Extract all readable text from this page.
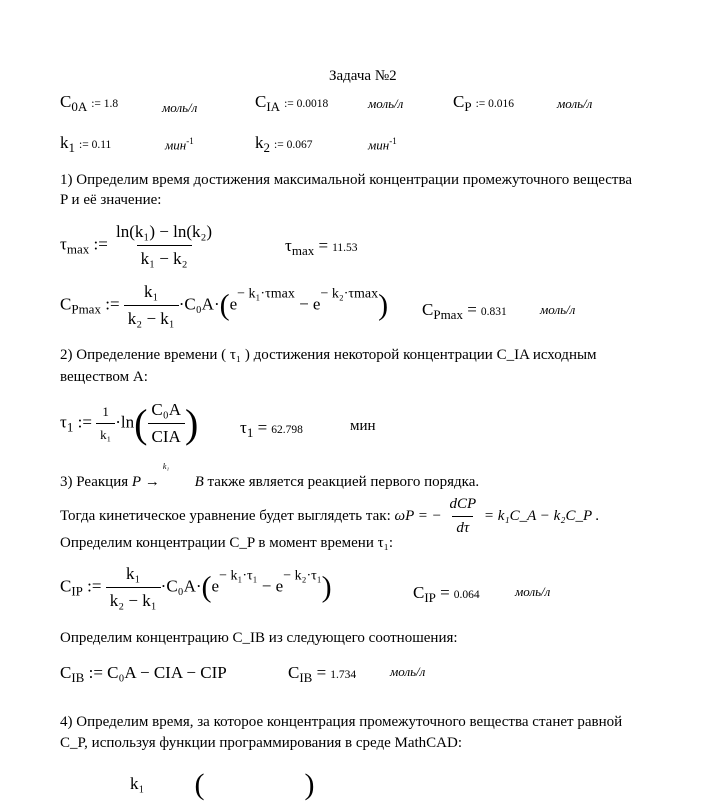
Задача №2
$C_{0A}$ := 1.8	моль/л	$C_{IA}$ := 0.0018	моль/л	$C_P$ := 0.016	моль/л
$k_1$ := 0.11	мин$^{-1}$	$k_2$ := 0.067	мин$^{-1}$
1) Определим время достижения максимальной концентрации промежуточного вещества
P и её значение:
$\tau_{max}$ := $\frac{\text{ln(k₁) − ln(k₂)}}{\text{k₁ − k₂}}$	$\tau_{max} = 11.53$
$C_{Pmax}$ := $\frac{\text{k₁}}{\text{k₂ − k₁}} \cdot C_0A\cdot(e^{- k_1\cdot\tau max} - e^{- k_2\cdot\tau max}) C_{Pmax} = 0.831$	моль/л
2) Определение времени ( τ₁ ) достижения некоторой концентрации C_IA исходным
веществом А:
$\tau_1$ := $\frac{1}{\text{k₁}} \cdot\ln( \frac{\text{C₀A}}{\text{CIA}}$ ) $\tau_1 = 62.798$	мин
3) Реакция P
k₁
→ B также является реакцией первого порядка.
Тогда кинетическое уравнение будет выглядеть так: ωP = − $\frac{\text{dCP}}{d\tau}$ = k₁C_A − k₂C_P .
Определим концентрации C_P в момент времени τ₁:
$C_{IP}$ := $\frac{\text{k₁}}{\text{k₂ − k₁}} \cdot C_0A\cdot(e^{- k_1\cdot\tau_1} - e^{- k_2\cdot\tau_1})$	$C_{IP} = 0.064$	моль/л
Определим концентрацию C_IB из следующего соотношения:
$C_{IB}$ := C₀A − CIA − CIP	$C_{IB} = 1.734$	моль/л
4) Определим время, за которое концентрация промежуточного вещества станет равной
C_P, используя функции программирования в среде MathCAD:
k₁ (	)
